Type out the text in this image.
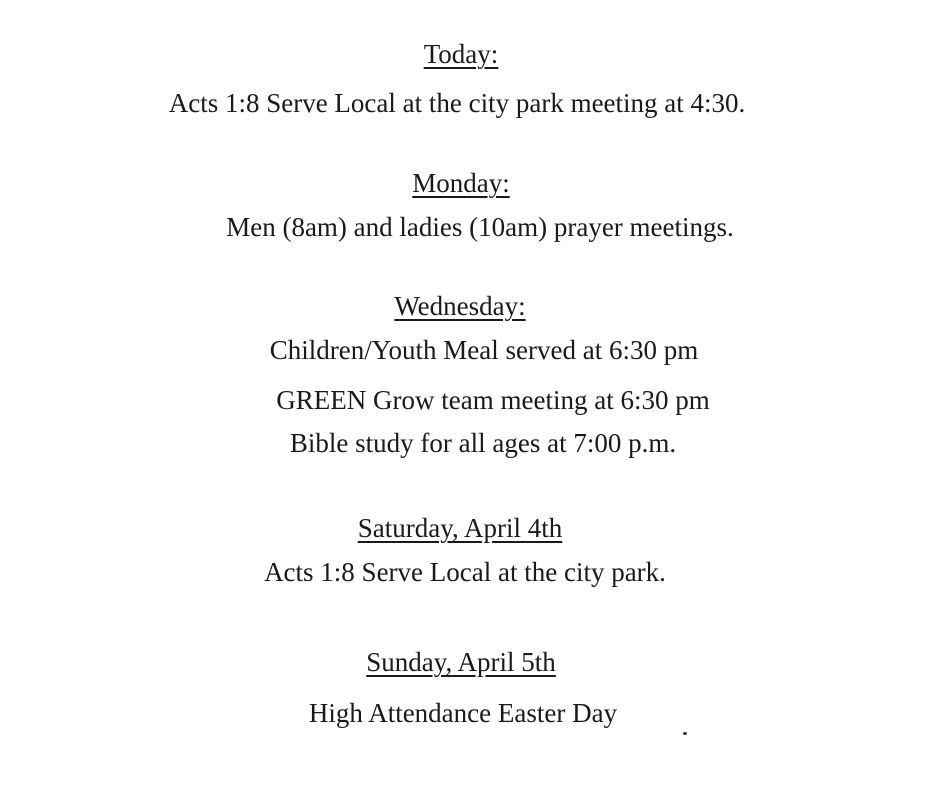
Today:
Acts 1:8 Serve Local at the city park meeting at 4:30.
Monday:
Men (8am) and ladies (10am) prayer meetings.
Wednesday:
Children/Youth Meal served at 6:30 pm
GREEN Grow team meeting at 6:30 pm
Bible study for all ages at 7:00 p.m.
Saturday, April 4th
Acts 1:8 Serve Local at the city park.
Sunday, April 5th
High Attendance Easter Day
